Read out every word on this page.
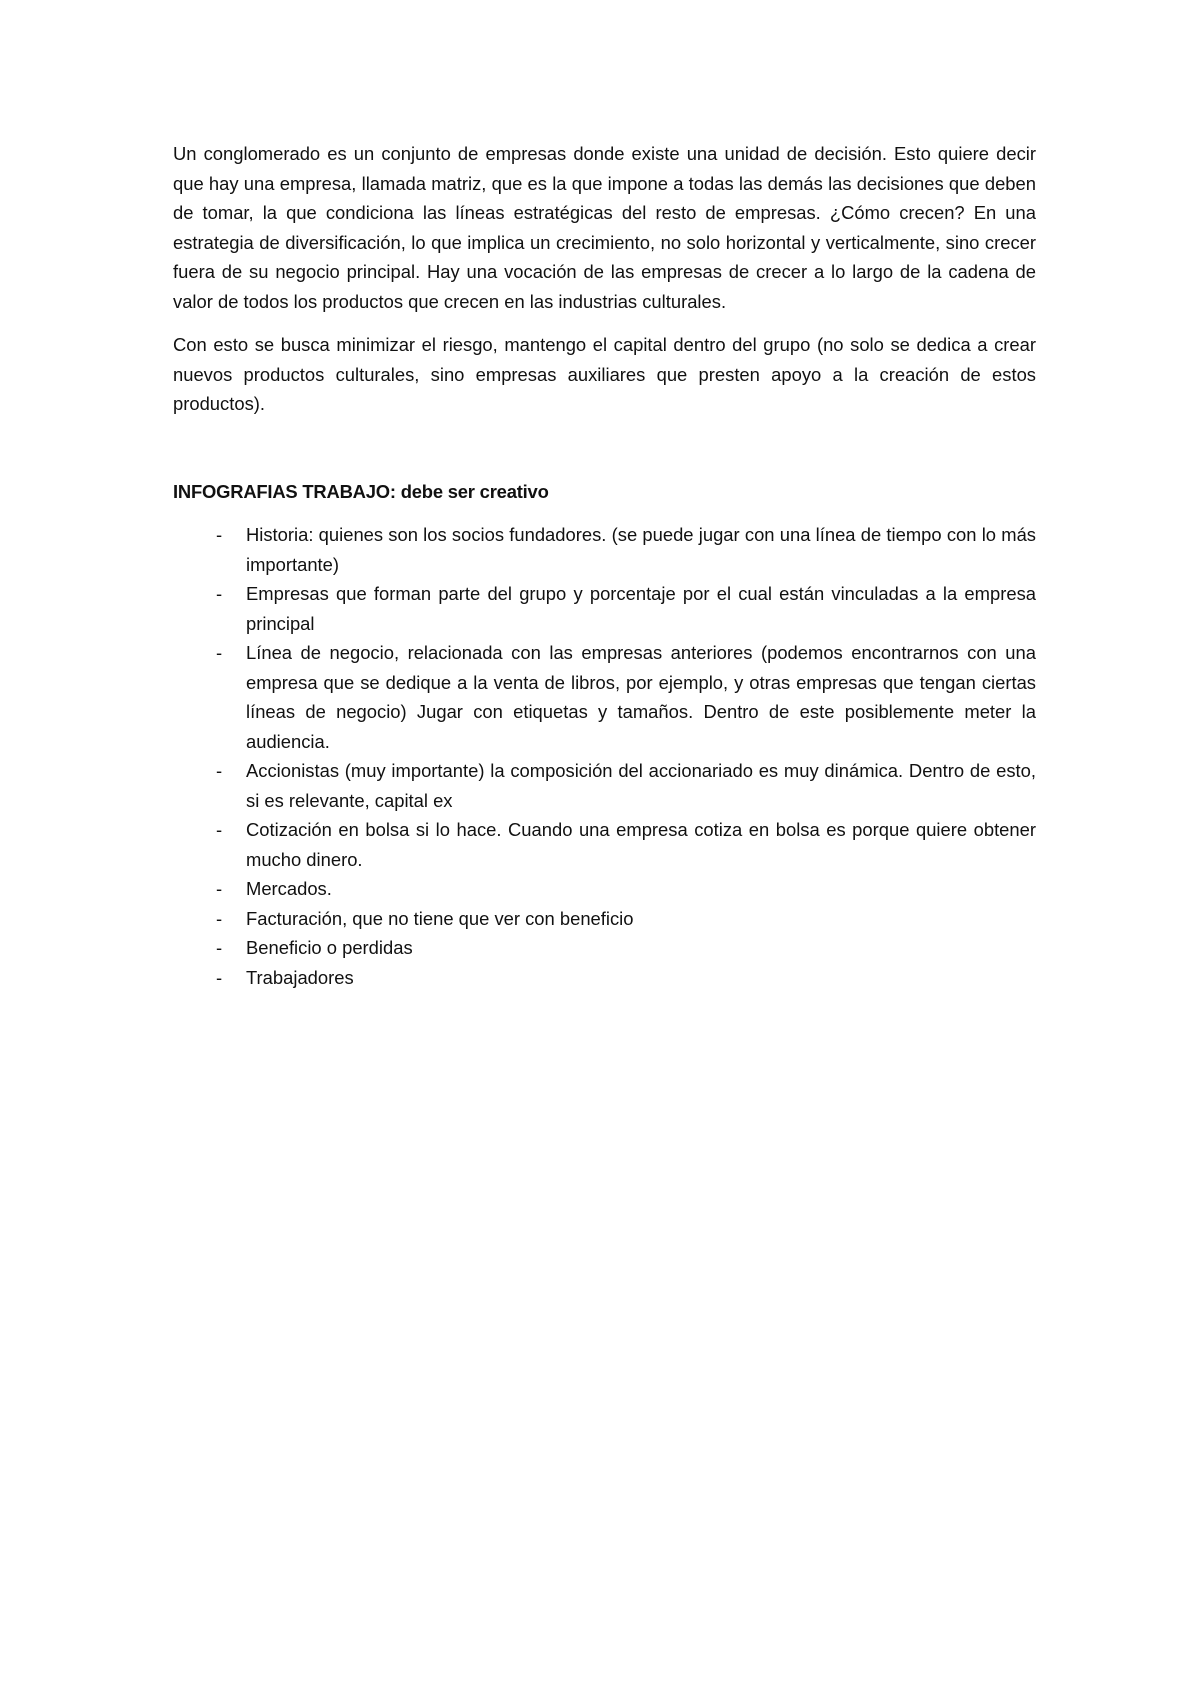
Un conglomerado es un conjunto de empresas donde existe una unidad de decisión. Esto quiere decir que hay una empresa, llamada matriz, que es la que impone a todas las demás las decisiones que deben de tomar, la que condiciona las líneas estratégicas del resto de empresas. ¿Cómo crecen? En una estrategia de diversificación, lo que implica un crecimiento, no solo horizontal y verticalmente, sino crecer fuera de su negocio principal. Hay una vocación de las empresas de crecer a lo largo de la cadena de valor de todos los productos que crecen en las industrias culturales.

Con esto se busca minimizar el riesgo, mantengo el capital dentro del grupo (no solo se dedica a crear nuevos productos culturales, sino empresas auxiliares que presten apoyo a la creación de estos productos).

INFOGRAFIAS TRABAJO: debe ser creativo

- Historia: quienes son los socios fundadores. (se puede jugar con una línea de tiempo con lo más importante)
- Empresas que forman parte del grupo y porcentaje por el cual están vinculadas a la empresa principal
- Línea de negocio, relacionada con las empresas anteriores (podemos encontrarnos con una empresa que se dedique a la venta de libros, por ejemplo, y otras empresas que tengan ciertas líneas de negocio) Jugar con etiquetas y tamaños. Dentro de este posiblemente meter la audiencia.
- Accionistas (muy importante) la composición del accionariado es muy dinámica. Dentro de esto, si es relevante, capital ex
- Cotización en bolsa si lo hace. Cuando una empresa cotiza en bolsa es porque quiere obtener mucho dinero.
- Mercados.
- Facturación, que no tiene que ver con beneficio
- Beneficio o perdidas
- Trabajadores
